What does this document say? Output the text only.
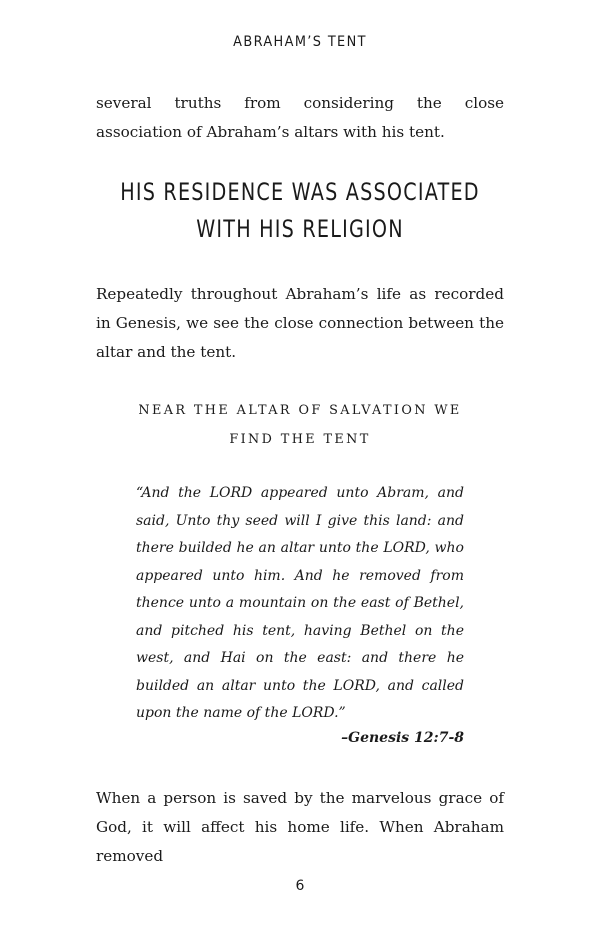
ABRAHAM’S TENT

several truths from considering the close association of Abraham’s altars with his tent.

HIS RESIDENCE WAS ASSOCIATED
WITH HIS RELIGION

Repeatedly throughout Abraham’s life as recorded in Genesis, we see the close connection between the altar and the tent.

NEAR THE ALTAR OF SALVATION WE
FIND THE TENT

“And the LORD appeared unto Abram, and said, Unto thy seed will I give this land: and there builded he an altar unto the LORD, who appeared unto him. And he removed from thence unto a mountain on the east of Bethel, and pitched his tent, having Bethel on the west, and Hai on the east: and there he builded an altar unto the LORD, and called upon the name of the LORD.”

–Genesis 12:7-8

When a person is saved by the marvelous grace of God, it will affect his home life. When Abraham removed

6
